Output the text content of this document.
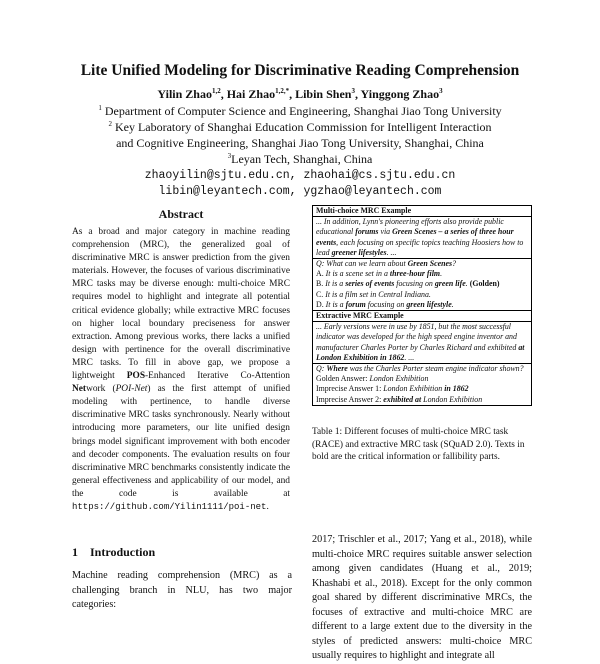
Lite Unified Modeling for Discriminative Reading Comprehension
Yilin Zhao$^{1,2}$, Hai Zhao$^{1,2,*}$, Libin Shen$^3$, Yinggong Zhao$^3$
$^1$ Department of Computer Science and Engineering, Shanghai Jiao Tong University
$^2$ Key Laboratory of Shanghai Education Commission for Intelligent Interaction
and Cognitive Engineering, Shanghai Jiao Tong University, Shanghai, China
$^3$Leyan Tech, Shanghai, China
zhaoyilin@sjtu.edu.cn, zhaohai@cs.sjtu.edu.cn
libin@leyantech.com, ygzhao@leyantech.com
Abstract

As a broad and major category in machine reading comprehension (MRC), the generalized goal of discriminative MRC is answer prediction from the given materials. However, the focuses of various discriminative MRC tasks may be diverse enough: multi-choice MRC requires model to highlight and integrate all potential critical evidence globally; while extractive MRC focuses on higher local boundary preciseness for answer extraction. Among previous works, there lacks a unified design with pertinence for the overall discriminative MRC tasks. To fill in above gap, we propose a lightweight POS-Enhanced Iterative Co-Attention Network (POI-Net) as the first attempt of unified modeling with pertinence, to handle diverse discriminative MRC tasks synchronously. Nearly without introducing more parameters, our lite unified design brings model significant improvement with both encoder and decoder components. The evaluation results on four discriminative MRC benchmarks consistently indicate the general effectiveness and applicability of our model, and the code is available at https://github.com/Yilin1111/poi-net.

1 Introduction
Machine reading comprehension (MRC) as a challenging branch in NLU, has two major categories:
Multi-choice MRC Example
... In addition, Lynn's pioneering efforts also provide public educational forums via Green Scenes – a series of three hour events, each focusing on specific topics teaching Hoosiers how to lead greener lifestyles. ...
Q: What can we learn about Green Scenes?
A. It is a scene set in a three-hour film.
B. It is a series of events focusing on green life. (Golden)
C. It is a film set in Central Indiana.
D. It is a forum focusing on green lifestyle.
Extractive MRC Example
... Early versions were in use by 1851, but the most successful indicator was developed for the high speed engine inventor and manufacturer Charles Porter by Charles Richard and exhibited at London Exhibition in 1862. ...
Q: Where was the Charles Porter steam engine indicator shown?
Golden Answer: London Exhibition
Imprecise Answer 1: London Exhibition in 1862
Imprecise Answer 2: exhibited at London Exhibition
Table 1: Different focuses of multi-choice MRC task (RACE) and extractive MRC task (SQuAD 2.0). Texts in bold are the critical information or fallibility parts.
2017; Trischler et al., 2017; Yang et al., 2018), while multi-choice MRC requires suitable answer selection among given candidates (Huang et al., 2019; Khashabi et al., 2018). Except for the only common goal shared by different discriminative MRCs, the focuses of extractive and multi-choice MRC are different to a large extent due to the diversity in the styles of predicted answers: multi-choice MRC usually requires to highlight and integrate all
